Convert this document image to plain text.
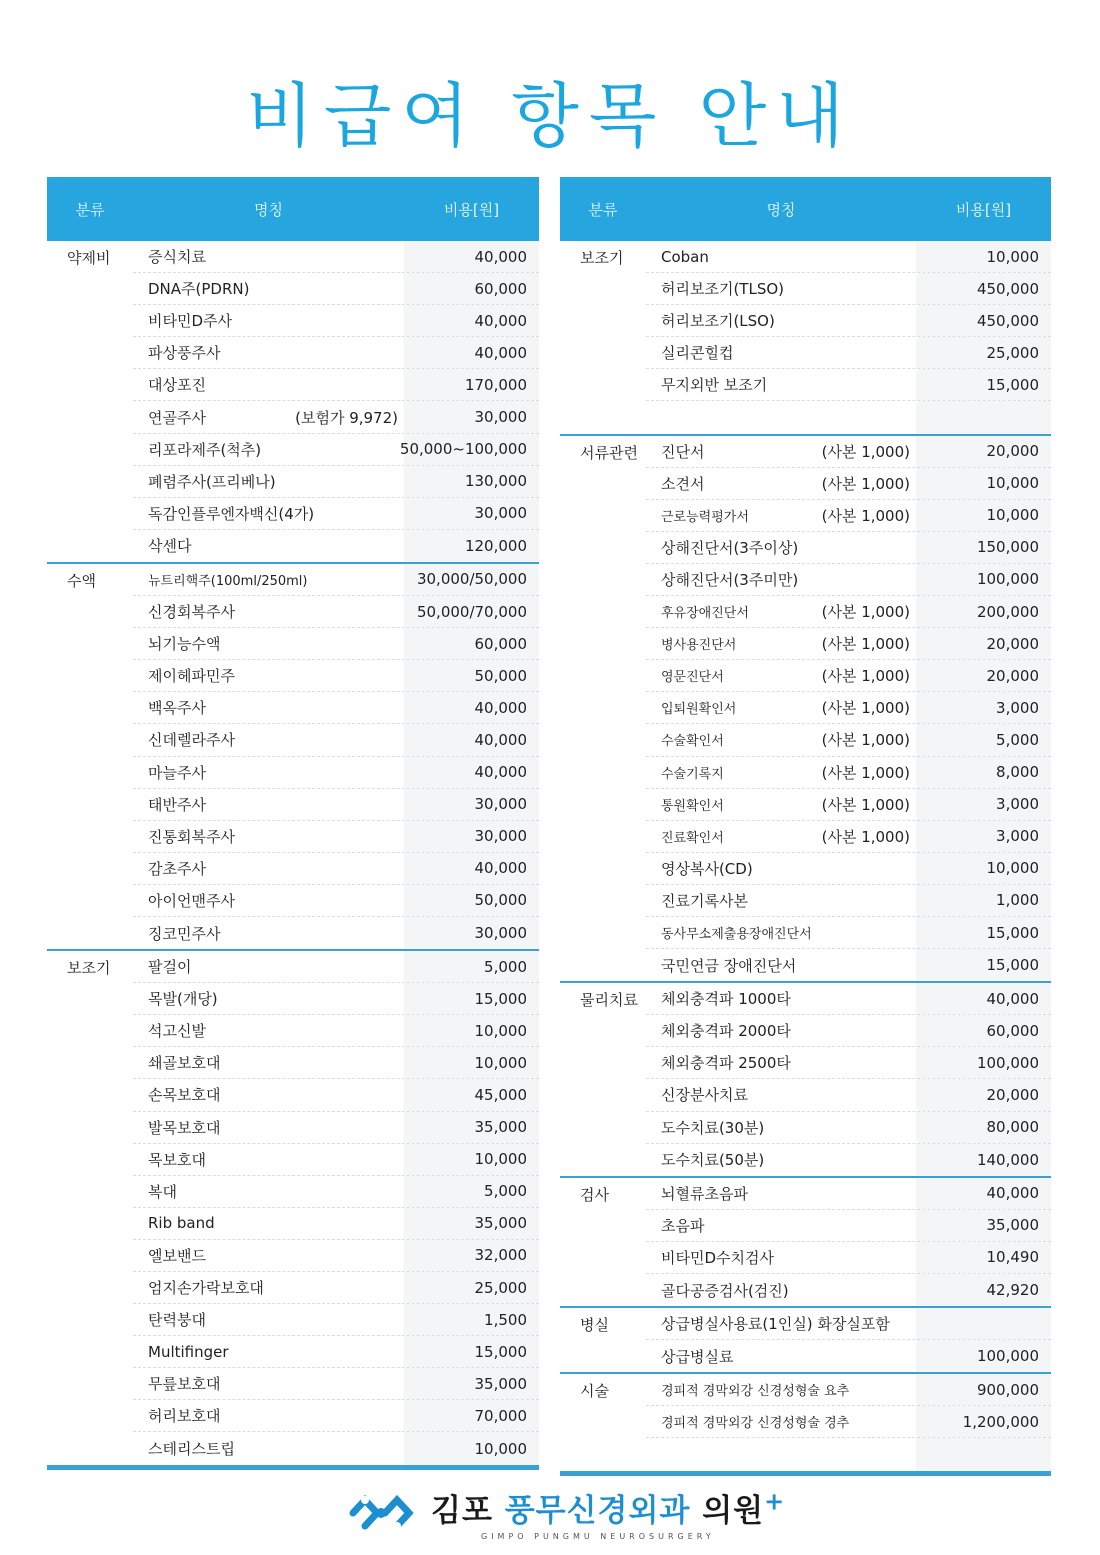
비급여 항목 안내
분류	명칭	비용[원]
약제비	증식치료	40,000
DNA주(PDRN)	60,000
비타민D주사	40,000
파상풍주사	40,000
대상포진	170,000
연골주사	(보험가 9,972)	30,000
리포라제주(척추)	50,000~100,000
폐렴주사(프리베나)	130,000
독감인플루엔자백신(4가)	30,000
삭센다	120,000
수액	뉴트리핵주(100ml/250ml)	30,000/50,000
신경회복주사	50,000/70,000
뇌기능수액	60,000
제이헤파민주	50,000
백옥주사	40,000
신데렐라주사	40,000
마늘주사	40,000
태반주사	30,000
진통회복주사	30,000
감초주사	40,000
아이언맨주사	50,000
징코민주사	30,000
보조기	팔걸이	5,000
목발(개당)	15,000
석고신발	10,000
쇄골보호대	10,000
손목보호대	45,000
발목보호대	35,000
목보호대	10,000
복대	5,000
Rib band	35,000
엘보밴드	32,000
엄지손가락보호대	25,000
탄력붕대	1,500
Multifinger	15,000
무릎보호대	35,000
허리보호대	70,000
스테리스트립	10,000
분류	명칭	비용[원]
보조기	Coban	10,000
허리보조기(TLSO)	450,000
허리보조기(LSO)	450,000
실리콘힐컵	25,000
무지외반 보조기	15,000
서류관련	진단서	(사본 1,000)	20,000
소견서	(사본 1,000)	10,000
근로능력평가서	(사본 1,000)	10,000
상해진단서(3주이상)	150,000
상해진단서(3주미만)	100,000
후유장애진단서	(사본 1,000)	200,000
병사용진단서	(사본 1,000)	20,000
영문진단서	(사본 1,000)	20,000
입퇴원확인서	(사본 1,000)	3,000
수술확인서	(사본 1,000)	5,000
수술기록지	(사본 1,000)	8,000
통원확인서	(사본 1,000)	3,000
진료확인서	(사본 1,000)	3,000
영상복사(CD)	10,000
진료기록사본	1,000
동사무소제출용장애진단서	15,000
국민연금 장애진단서	15,000
물리치료	체외충격파 1000타	40,000
체외충격파 2000타	60,000
체외충격파 2500타	100,000
신장분사치료	20,000
도수치료(30분)	80,000
도수치료(50분)	140,000
검사	뇌혈류초음파	40,000
초음파	35,000
비타민D수치검사	10,490
골다공증검사(검진)	42,920
병실	상급병실사용료(1인실) 화장실포함
상급병실료	100,000
시술	경피적 경막외강 신경성형술 요추	900,000
경피적 경막외강 신경성형술 경추	1,200,000
김포 풍무신경외과 의원+
GIMPO PUNGMU NEUROSURGERY
